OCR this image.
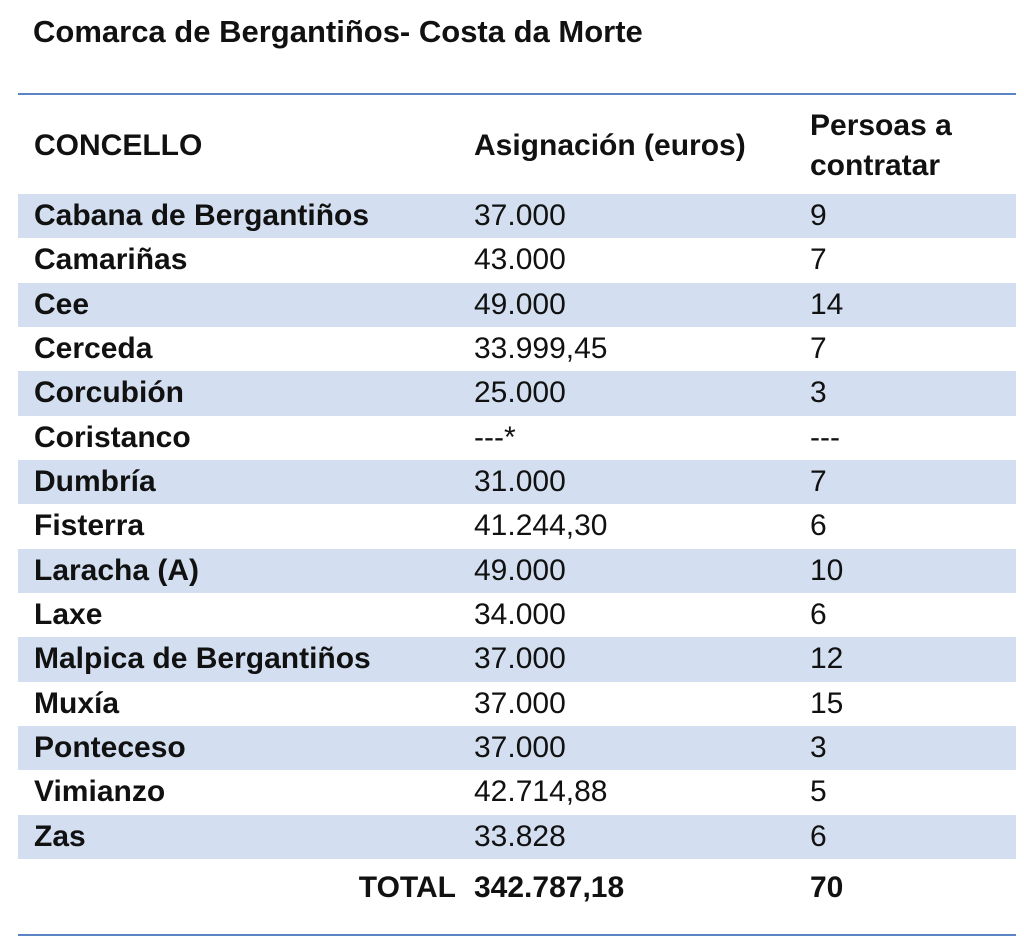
Comarca de Bergantiños- Costa da Morte
CONCELLO	Asignación (euros)	Persoas a contratar
Cabana de Bergantiños	37.000	9
Camariñas	43.000	7
Cee	49.000	14
Cerceda	33.999,45	7
Corcubión	25.000	3
Coristanco	---*	---
Dumbría	31.000	7
Fisterra	41.244,30	6
Laracha (A)	49.000	10
Laxe	34.000	6
Malpica de Bergantiños	37.000	12
Muxía	37.000	15
Ponteceso	37.000	3
Vimianzo	42.714,88	5
Zas	33.828	6
TOTAL	342.787,18	70
